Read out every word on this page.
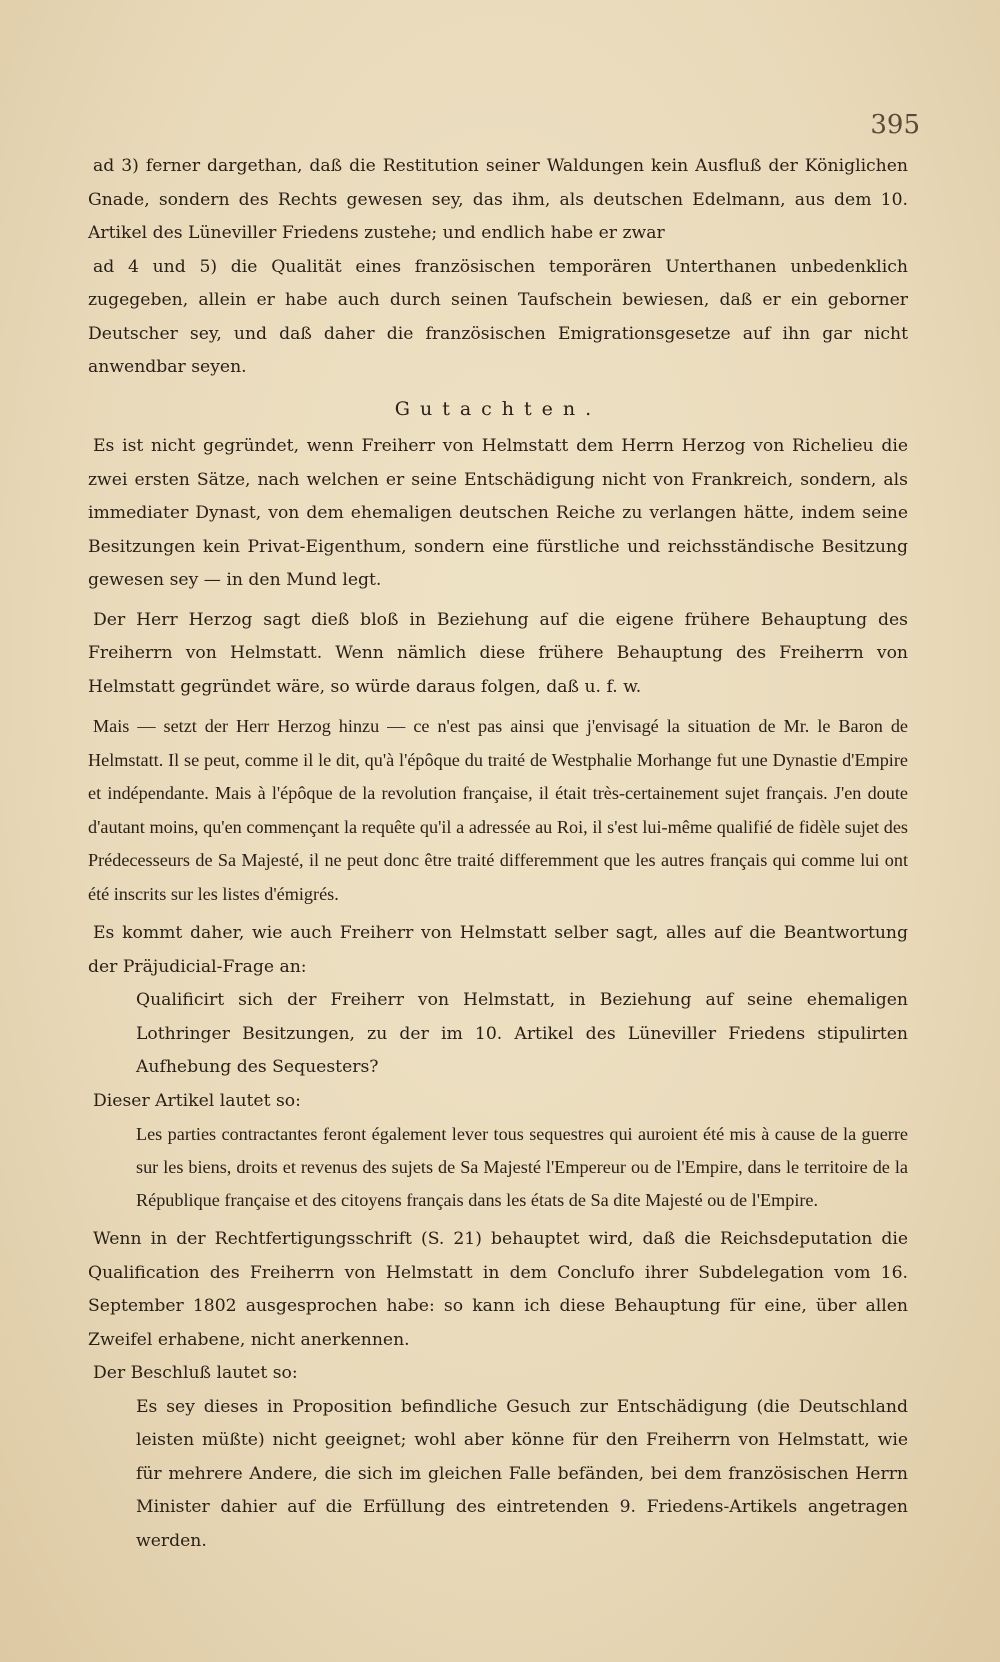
395

ad 3) ferner dargethan, daß die Restitution seiner Waldungen kein Ausfluß der Königlichen Gnade, sondern des Rechts gewesen sey, das ihm, als deutschen Edelmann, aus dem 10. Artikel des Lüneviller Friedens zustehe; und endlich habe er zwar

ad 4 und 5) die Qualität eines französischen temporären Unterthanen unbedenklich zugegeben, allein er habe auch durch seinen Taufschein bewiesen, daß er ein geborner Deutscher sey, und daß daher die französischen Emigrationsgesetze auf ihn gar nicht anwendbar seyen.

Gutachten.

Es ist nicht gegründet, wenn Freiherr von Helmstatt dem Herrn Herzog von Richelieu die zwei ersten Sätze, nach welchen er seine Entschädigung nicht von Frankreich, sondern, als immediater Dynast, von dem ehemaligen deutschen Reiche zu verlangen hätte, indem seine Besitzungen kein Privat-Eigenthum, sondern eine fürstliche und reichsständische Besitzung gewesen sey — in den Mund legt.

Der Herr Herzog sagt dieß bloß in Beziehung auf die eigene frühere Behauptung des Freiherrn von Helmstatt. Wenn nämlich diese frühere Behauptung des Freiherrn von Helmstatt gegründet wäre, so würde daraus folgen, daß u. f. w.

Mais — setzt der Herr Herzog hinzu — ce n'est pas ainsi que j'envisagé la situation de Mr. le Baron de Helmstatt. Il se peut, comme il le dit, qu'à l'épôque du traité de Westphalie Morhange fut une Dynastie d'Empire et indépendante. Mais à l'épôque de la revolution française, il était très-certainement sujet français. J'en doute d'autant moins, qu'en commençant la requête qu'il a adressée au Roi, il s'est lui-même qualifié de fidèle sujet des Prédecesseurs de Sa Majesté, il ne peut donc être traité differemment que les autres français qui comme lui ont été inscrits sur les listes d'émigrés.

Es kommt daher, wie auch Freiherr von Helmstatt selber sagt, alles auf die Beantwortung der Präjudicial-Frage an:

Qualificirt sich der Freiherr von Helmstatt, in Beziehung auf seine ehemaligen Lothringer Besitzungen, zu der im 10. Artikel des Lüneviller Friedens stipulirten Aufhebung des Sequesters?

Dieser Artikel lautet so:

Les parties contractantes feront également lever tous sequestres qui auroient été mis à cause de la guerre sur les biens, droits et revenus des sujets de Sa Majesté l'Empereur ou de l'Empire, dans le territoire de la République française et des citoyens français dans les états de Sa dite Majesté ou de l'Empire.

Wenn in der Rechtfertigungsschrift (S. 21) behauptet wird, daß die Reichsdeputation die Qualification des Freiherrn von Helmstatt in dem Conclufo ihrer Subdelegation vom 16. September 1802 ausgesprochen habe: so kann ich diese Behauptung für eine, über allen Zweifel erhabene, nicht anerkennen.

Der Beschluß lautet so:

Es sey dieses in Proposition befindliche Gesuch zur Entschädigung (die Deutschland leisten müßte) nicht geeignet; wohl aber könne für den Freiherrn von Helmstatt, wie für mehrere Andere, die sich im gleichen Falle befänden, bei dem französischen Herrn Minister dahier auf die Erfüllung des eintretenden 9. Friedens-Artikels angetragen werden.
